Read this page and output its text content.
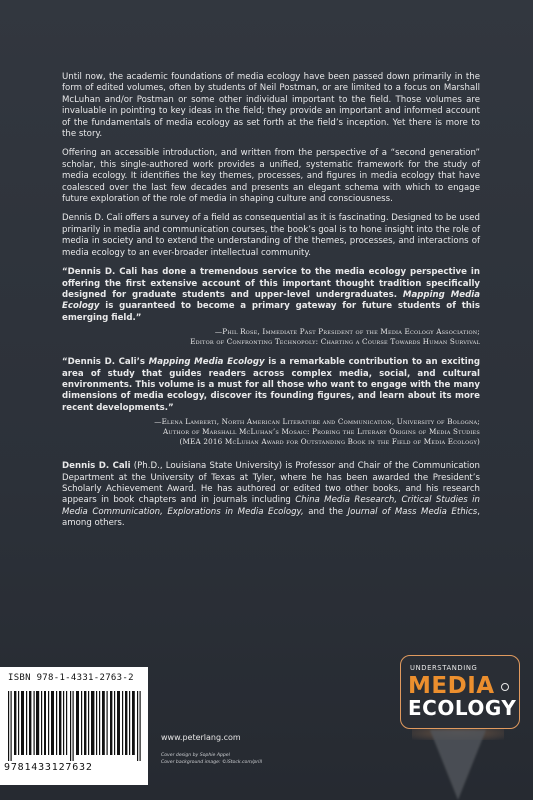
Until now, the academic foundations of media ecology have been passed down primarily in the form of edited volumes, often by students of Neil Postman, or are limited to a focus on Marshall McLuhan and/or Postman or some other individual important to the field. Those volumes are invaluable in pointing to key ideas in the field; they provide an important and informed account of the fundamentals of media ecology as set forth at the field’s inception. Yet there is more to the story.

Offering an accessible introduction, and written from the perspective of a “second generation” scholar, this single-authored work provides a unified, systematic framework for the study of media ecology. It identifies the key themes, processes, and figures in media ecology that have coalesced over the last few decades and presents an elegant schema with which to engage future exploration of the role of media in shaping culture and consciousness.

Dennis D. Cali offers a survey of a field as consequential as it is fascinating. Designed to be used primarily in media and communication courses, the book’s goal is to hone insight into the role of media in society and to extend the understanding of the themes, processes, and interactions of media ecology to an ever-broader intellectual community.

“Dennis D. Cali has done a tremendous service to the media ecology perspective in offering the first extensive account of this important thought tradition specifically designed for graduate students and upper-level undergraduates. Mapping Media Ecology is guaranteed to become a primary gateway for future students of this emerging field.”

—Phil Rose, Immediate Past President of the Media Ecology Association;
Editor of Confronting Technopoly: Charting a Course Towards Human Survival

“Dennis D. Cali’s Mapping Media Ecology is a remarkable contribution to an exciting area of study that guides readers across complex media, social, and cultural environments. This volume is a must for all those who want to engage with the many dimensions of media ecology, discover its founding figures, and learn about its more recent developments.”

—Elena Lamberti, North American Literature and Communication, University of Bologna;
Author of Marshall McLuhan’s Mosaic: Probing the Literary Origins of Media Studies
(MEA 2016 McLuhan Award for Outstanding Book in the Field of Media Ecology)

Dennis D. Cali (Ph.D., Louisiana State University) is Professor and Chair of the Communication Department at the University of Texas at Tyler, where he has been awarded the President’s Scholarly Achievement Award. He has authored or edited two other books, and his research appears in book chapters and in journals including China Media Research, Critical Studies in Media Communication, Explorations in Media Ecology, and the Journal of Mass Media Ethics, among others.

ISBN 978-1-4331-2763-2
9781433127632
www.peterlang.com
Cover design by Sophie Appel
Cover background image: ©iStock.com/prill
UNDERSTANDING
MEDIA
ECOLOGY
